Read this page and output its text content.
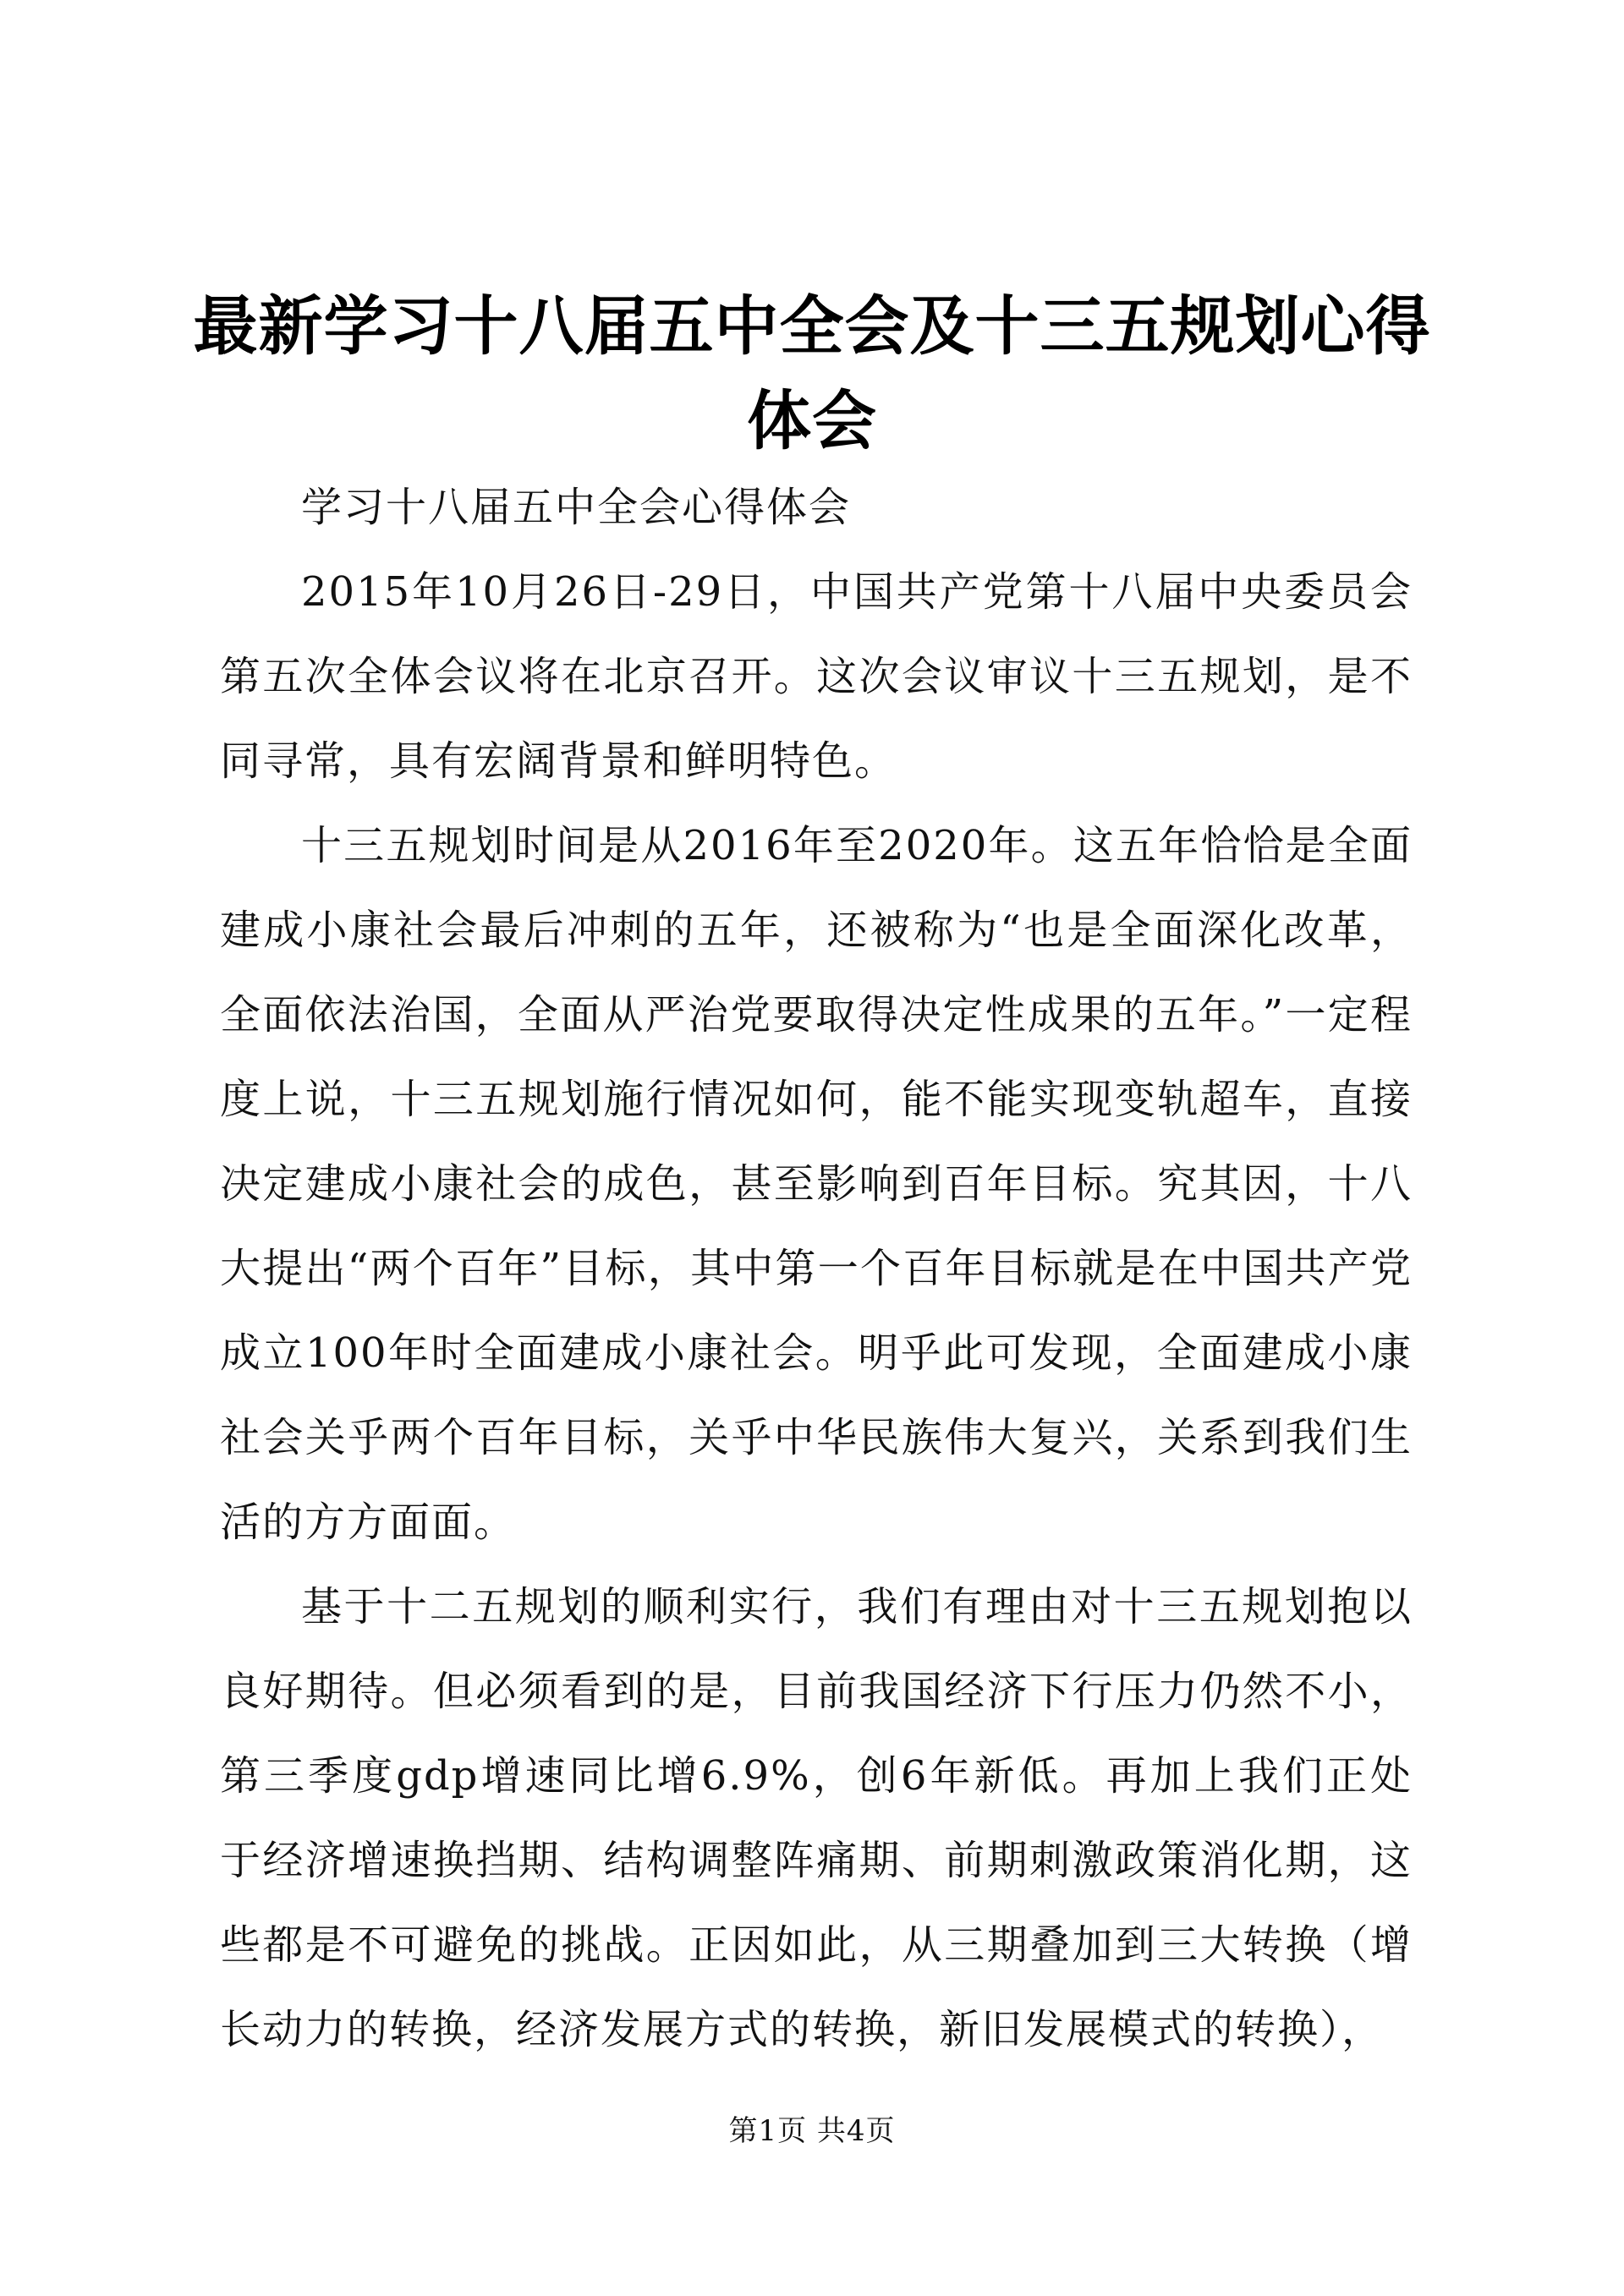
最新学习十八届五中全会及十三五规划心得体会

学习十八届五中全会心得体会

2015年10月26日-29日，中国共产党第十八届中央委员会第五次全体会议将在北京召开。这次会议审议十三五规划，是不同寻常，具有宏阔背景和鲜明特色。

十三五规划时间是从2016年至2020年。这五年恰恰是全面建成小康社会最后冲刺的五年，还被称为“也是全面深化改革，全面依法治国，全面从严治党要取得决定性成果的五年。”一定程度上说，十三五规划施行情况如何，能不能实现变轨超车，直接决定建成小康社会的成色，甚至影响到百年目标。究其因，十八大提出“两个百年”目标，其中第一个百年目标就是在中国共产党成立100年时全面建成小康社会。明乎此可发现，全面建成小康社会关乎两个百年目标，关乎中华民族伟大复兴，关系到我们生活的方方面面。

基于十二五规划的顺利实行，我们有理由对十三五规划抱以良好期待。但必须看到的是，目前我国经济下行压力仍然不小，第三季度gdp增速同比增6.9%，创6年新低。再加上我们正处于经济增速换挡期、结构调整阵痛期、前期刺激政策消化期，这些都是不可避免的挑战。正因如此，从三期叠加到三大转换（增长动力的转换，经济发展方式的转换，新旧发展模式的转换），

第1页 共4页
